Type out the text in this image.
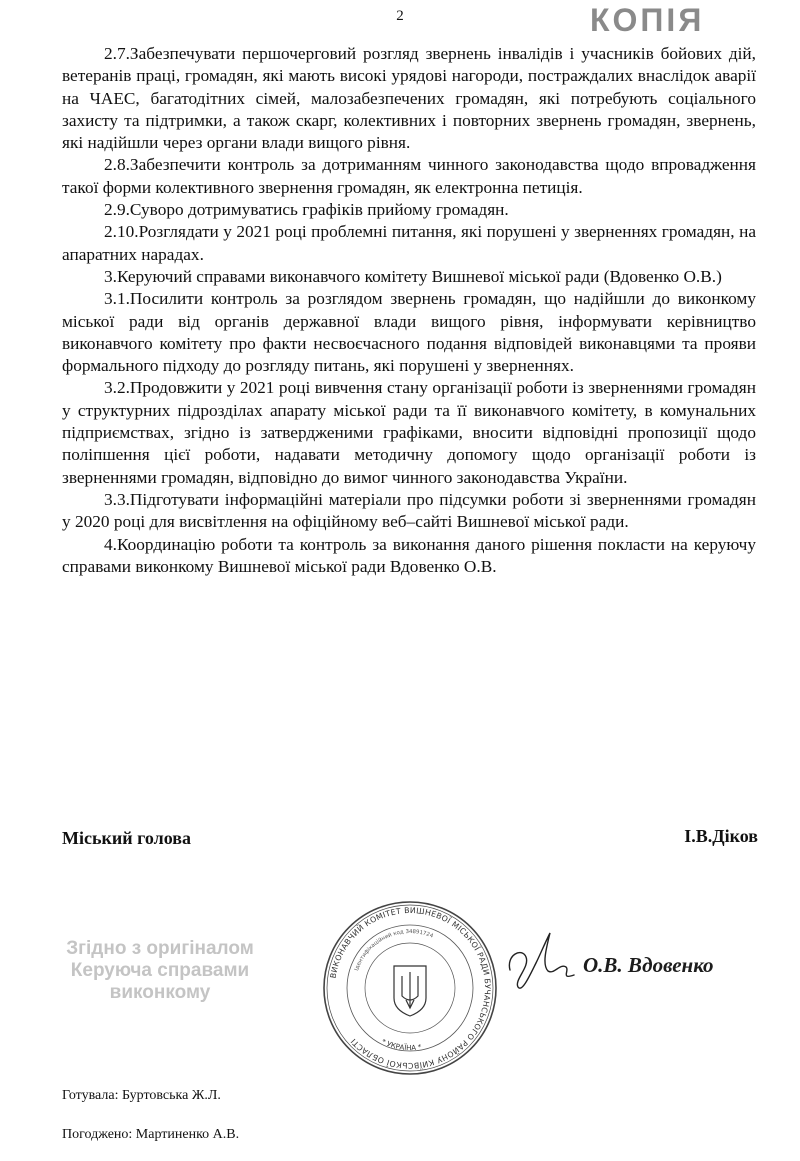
2	КОПІЯ

2.7.Забезпечувати першочерговий розгляд звернень інвалідів і учасників бойових дій, ветеранів праці, громадян, які мають високі урядові нагороди, постраждалих внаслідок аварії на ЧАЕС, багатодітних сімей, малозабезпечених громадян, які потребують соціального захисту та підтримки, а також скарг, колективних і повторних звернень громадян, звернень, які надійшли через органи влади вищого рівня.

2.8.Забезпечити контроль за дотриманням чинного законодавства щодо впровадження такої форми колективного звернення громадян, як електронна петиція.

2.9.Суворо дотримуватись графіків прийому громадян.

2.10.Розглядати у 2021 році проблемні питання, які порушені у зверненнях громадян, на апаратних нарадах.

3.Керуючий справами виконавчого комітету Вишневої міської ради (Вдовенко О.В.)

3.1.Посилити контроль за розглядом звернень громадян, що надійшли до виконкому міської ради від органів державної влади вищого рівня, інформувати керівництво виконавчого комітету про факти несвоєчасного подання відповідей виконавцями та прояви формального підходу до розгляду питань, які порушені у зверненнях.

3.2.Продовжити у 2021 році вивчення стану організації роботи із зверненнями громадян у структурних підрозділах апарату міської ради та її виконавчого комітету, в комунальних підприємствах, згідно із затвердженими графіками, вносити відповідні пропозиції щодо поліпшення цієї роботи, надавати методичну допомогу щодо організації роботи із зверненнями громадян, відповідно до вимог чинного законодавства України.

3.3.Підготувати інформаційні матеріали про підсумки роботи зі зверненнями громадян у 2020 році для висвітлення на офіційному веб–сайті Вишневої міської ради.

4.Координацію роботи та контроль за виконання даного рішення покласти на керуючу справами виконкому Вишневої міської ради Вдовенко О.В.

Міський голова	І.В.Діков
Згідно з оригіналом
Керуюча справами
виконкому
ВИКОНАВЧИЙ КОМІТЕТ ВИШНЕВОЇ МІСЬКОЇ РАДИ БУЧАНСЬКОГО РАЙОНУ КИЇВСЬКОЇ ОБЛАСТІ
Ідентифікаційний код 34891724
* УКРАЇНА *
О.В. Вдовенко
Готувала: Буртовська Ж.Л.
Погоджено: Мартиненко А.В.
